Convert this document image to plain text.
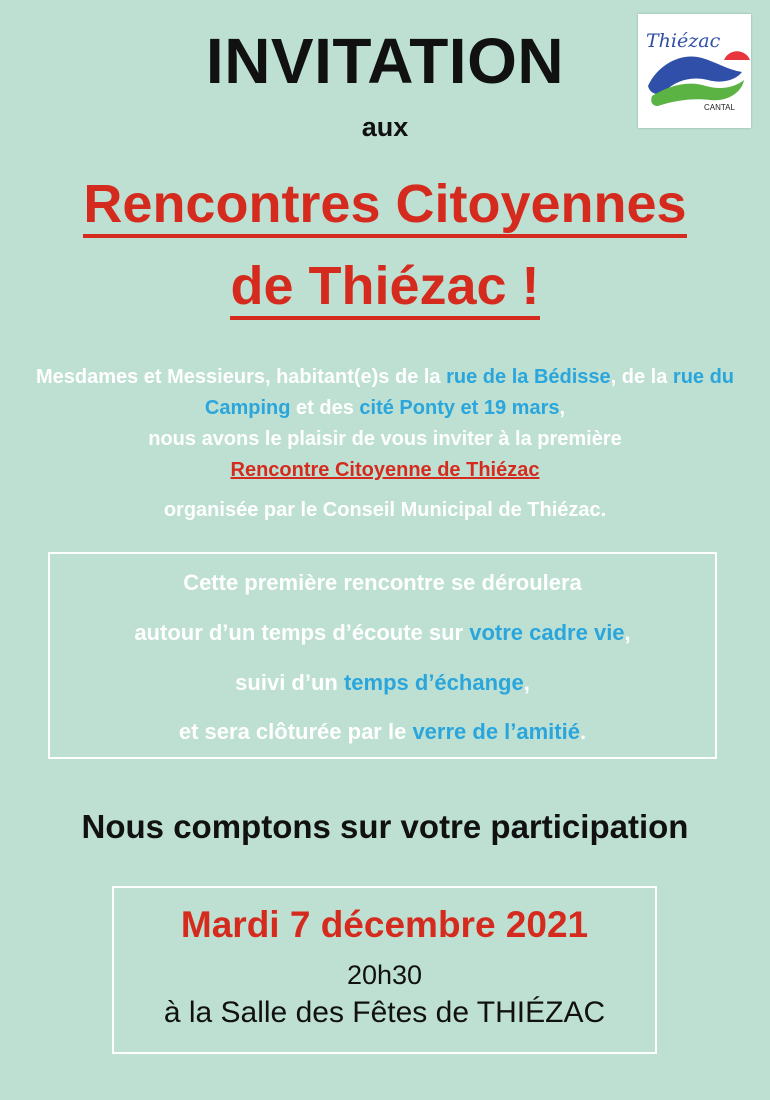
INVITATION
aux
Rencontres Citoyennes
de Thiézac !
Thiézac
CANTAL
Mesdames et Messieurs, habitant(e)s de la rue de la Bédisse, de la rue du Camping et des cité Ponty et 19 mars,
nous avons le plaisir de vous inviter à la première
Rencontre Citoyenne de Thiézac

organisée par le Conseil Municipal de Thiézac.
Cette première rencontre se déroulera
autour d’un temps d’écoute sur votre cadre vie,
suivi d’un temps d’échange,
et sera clôturée par le verre de l’amitié.
Nous comptons sur votre participation
Mardi 7 décembre 2021
20h30
à la Salle des Fêtes de THIÉZAC
